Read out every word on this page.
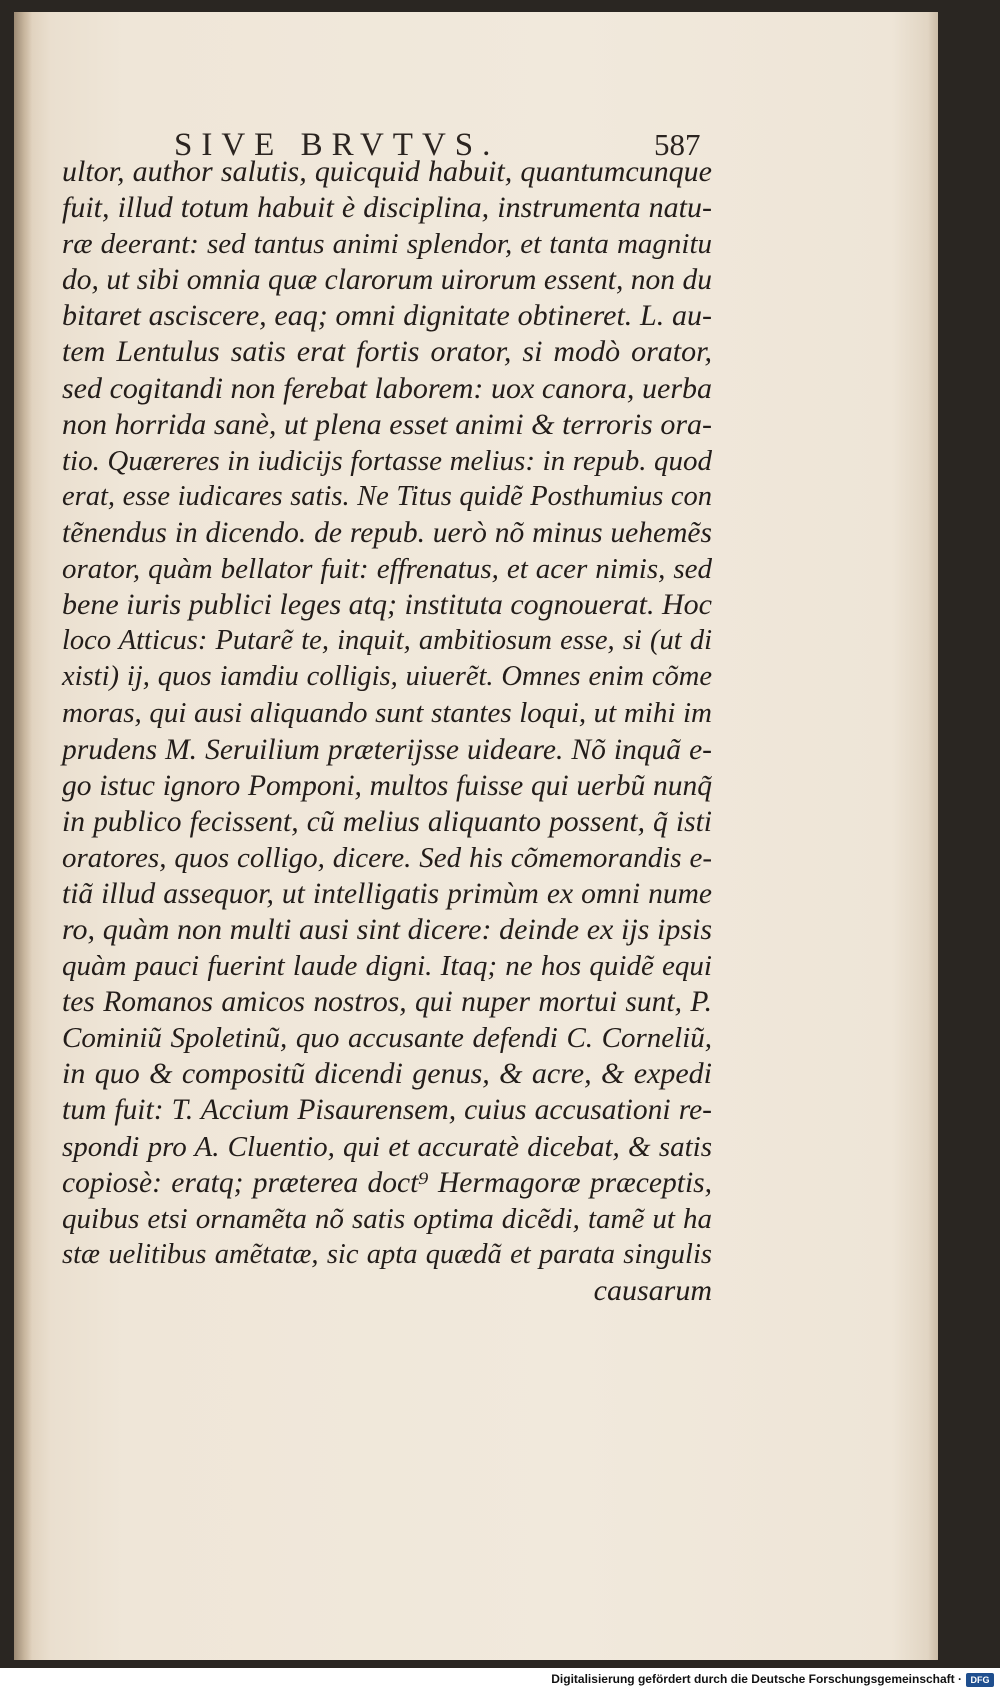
SIVE BRVTVS.	587
ultor, author salutis, quicquid habuit, quantumcunque
fuit, illud totum habuit è disciplina, instrumenta natu-
ræ deerant: sed tantus animi splendor, et tanta magnitu
do, ut sibi omnia quæ clarorum uirorum essent, non du
bitaret asciscere, eaq; omni dignitate obtineret. L. au-
tem Lentulus satis erat fortis orator, si modò orator,
sed cogitandi non ferebat laborem: uox canora, uerba
non horrida sanè, ut plena esset animi & terroris ora-
tio. Quæreres in iudicijs fortasse melius: in repub. quod
erat, esse iudicares satis. Ne Titus quidẽ Posthumius con
tẽnendus in dicendo. de repub. uerò nõ minus uehemẽs
orator, quàm bellator fuit: effrenatus, et acer nimis, sed
bene iuris publici leges atq; instituta cognouerat. Hoc
loco Atticus: Putarẽ te, inquit, ambitiosum esse, si (ut di
xisti) ij, quos iamdiu colligis, uiuerẽt. Omnes enim cõme
moras, qui ausi aliquando sunt stantes loqui, ut mihi im
prudens M. Seruilium præterijsse uideare. Nõ inquã e-
go istuc ignoro Pomponi, multos fuisse qui uerbũ nunq̃
in publico fecissent, cũ melius aliquanto possent, q̃ isti
oratores, quos colligo, dicere. Sed his cõmemorandis e-
tiã illud assequor, ut intelligatis primùm ex omni nume
ro, quàm non multi ausi sint dicere: deinde ex ijs ipsis
quàm pauci fuerint laude digni. Itaq; ne hos quidẽ equi
tes Romanos amicos nostros, qui nuper mortui sunt, P.
Cominiũ Spoletinũ, quo accusante defendi C. Corneliũ,
in quo & compositũ dicendi genus, & acre, & expedi
tum fuit: T. Accium Pisaurensem, cuius accusationi re-
spondi pro A. Cluentio, qui et accuratè dicebat, & satis
copiosè: eratq; præterea doct⁹ Hermagoræ præceptis,
quibus etsi ornamẽta nõ satis optima dicẽdi, tamẽ ut ha
stæ uelitibus amẽtatæ, sic apta quædã et parata singulis
causarum
Digitalisierung gefördert durch die Deutsche Forschungsgemeinschaft · DFG
